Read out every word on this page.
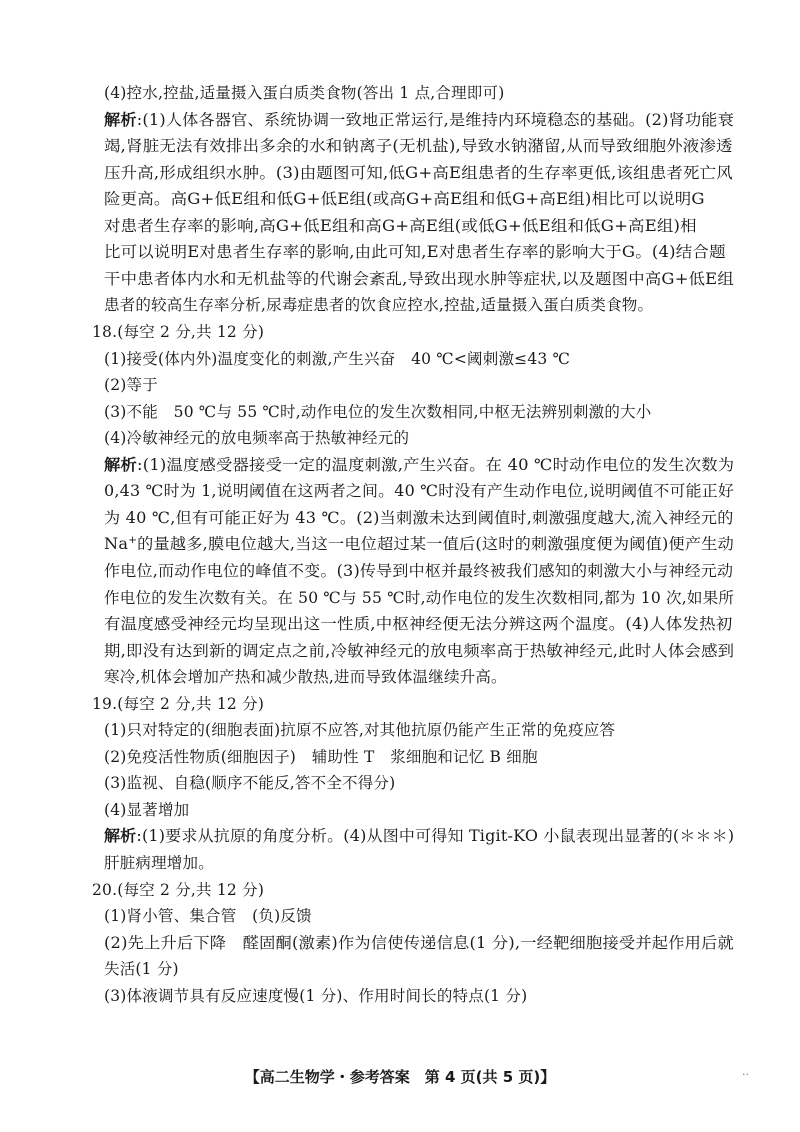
(4)控水,控盐,适量摄入蛋白质类食物(答出 1 点,合理即可)
解析:(1)人体各器官、系统协调一致地正常运行,是维持内环境稳态的基础。(2)肾功能衰
竭,肾脏无法有效排出多余的水和钠离子(无机盐),导致水钠潴留,从而导致细胞外液渗透
压升高,形成组织水肿。(3)由题图可知,低G+高E组患者的生存率更低,该组患者死亡风
险更高。高G+低E组和低G+低E组(或高G+高E组和低G+高E组)相比可以说明G
对患者生存率的影响,高G+低E组和高G+高E组(或低G+低E组和低G+高E组)相
比可以说明E对患者生存率的影响,由此可知,E对患者生存率的影响大于G。(4)结合题
干中患者体内水和无机盐等的代谢会紊乱,导致出现水肿等症状,以及题图中高G+低E组
患者的较高生存率分析,尿毒症患者的饮食应控水,控盐,适量摄入蛋白质类食物。
18.(每空 2 分,共 12 分)
(1)接受(体内外)温度变化的刺激,产生兴奋　40 ℃<阈刺激≤43 ℃
(2)等于
(3)不能　50 ℃与 55 ℃时,动作电位的发生次数相同,中枢无法辨别刺激的大小
(4)冷敏神经元的放电频率高于热敏神经元的
解析:(1)温度感受器接受一定的温度刺激,产生兴奋。在 40 ℃时动作电位的发生次数为
0,43 ℃时为 1,说明阈值在这两者之间。40 ℃时没有产生动作电位,说明阈值不可能正好
为 40 ℃,但有可能正好为 43 ℃。(2)当刺激未达到阈值时,刺激强度越大,流入神经元的
Na+的量越多,膜电位越大,当这一电位超过某一值后(这时的刺激强度便为阈值)便产生动
作电位,而动作电位的峰值不变。(3)传导到中枢并最终被我们感知的刺激大小与神经元动
作电位的发生次数有关。在 50 ℃与 55 ℃时,动作电位的发生次数相同,都为 10 次,如果所
有温度感受神经元均呈现出这一性质,中枢神经便无法分辨这两个温度。(4)人体发热初
期,即没有达到新的调定点之前,冷敏神经元的放电频率高于热敏神经元,此时人体会感到
寒冷,机体会增加产热和减少散热,进而导致体温继续升高。
19.(每空 2 分,共 12 分)
(1)只对特定的(细胞表面)抗原不应答,对其他抗原仍能产生正常的免疫应答
(2)免疫活性物质(细胞因子)　辅助性 T　浆细胞和记忆 B 细胞
(3)监视、自稳(顺序不能反,答不全不得分)
(4)显著增加
解析:(1)要求从抗原的角度分析。(4)从图中可得知 Tigit-KO 小鼠表现出显著的(＊＊＊)
肝脏病理增加。
20.(每空 2 分,共 12 分)
(1)肾小管、集合管　(负)反馈
(2)先上升后下降　醛固酮(激素)作为信使传递信息(1 分),一经靶细胞接受并起作用后就
失活(1 分)
(3)体液调节具有反应速度慢(1 分)、作用时间长的特点(1 分)
【高二生物学・参考答案　第 4 页(共 5 页)】	··
